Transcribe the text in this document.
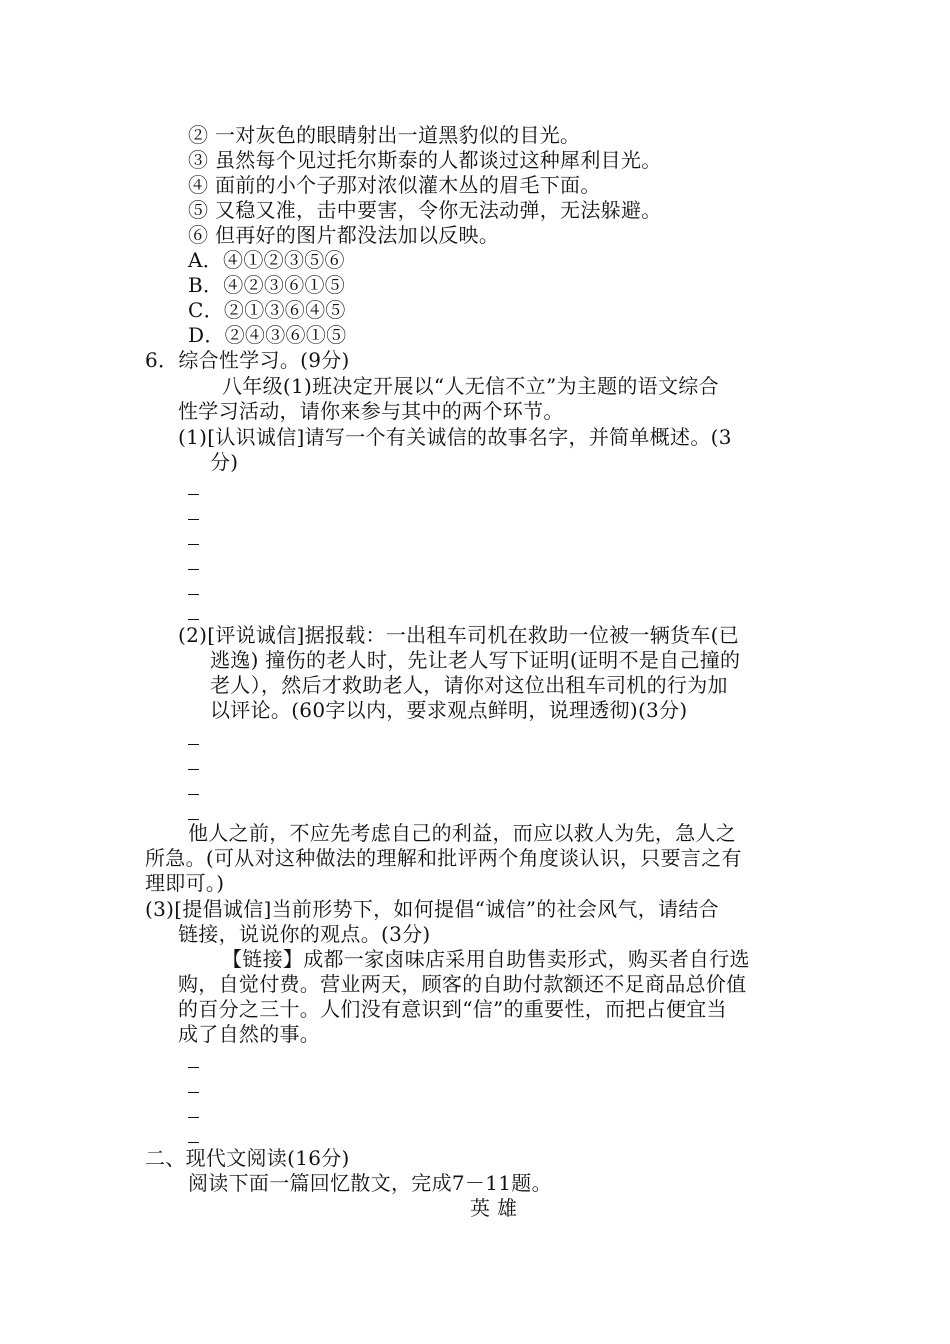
② 一对灰色的眼睛射出一道黑豹似的目光。
③ 虽然每个见过托尔斯泰的人都谈过这种犀利目光。
④ 面前的小个子那对浓似灌木丛的眉毛下面。
⑤ 又稳又准，击中要害，令你无法动弹，无法躲避。
⑥ 但再好的图片都没法加以反映。
A．④①②③⑤⑥
B．④②③⑥①⑤
C．②①③⑥④⑤
D．②④③⑥①⑤
6．综合性学习。(9分)
八年级(1)班决定开展以“人无信不立”为主题的语文综合
性学习活动，请你来参与其中的两个环节。
(1)[认识诚信]请写一个有关诚信的故事名字，并简单概述。(3
分)
(2)[评说诚信]据报载：一出租车司机在救助一位被一辆货车(已
逃逸) 撞伤的老人时，先让老人写下证明(证明不是自己撞的
老人），然后才救助老人，请你对这位出租车司机的行为加
以评论。(60字以内，要求观点鲜明，说理透彻)(3分)
他人之前，不应先考虑自己的利益，而应以救人为先，急人之
所急。(可从对这种做法的理解和批评两个角度谈认识，只要言之有
理即可。)
(3)[提倡诚信]当前形势下，如何提倡“诚信”的社会风气，请结合
链接，说说你的观点。(3分)
【链接】成都一家卤味店采用自助售卖形式，购买者自行选
购，自觉付费。营业两天，顾客的自助付款额还不足商品总价值
的百分之三十。人们没有意识到“信”的重要性，而把占便宜当
成了自然的事。
二、现代文阅读(16分)
阅读下面一篇回忆散文，完成7－11题。
英 雄
